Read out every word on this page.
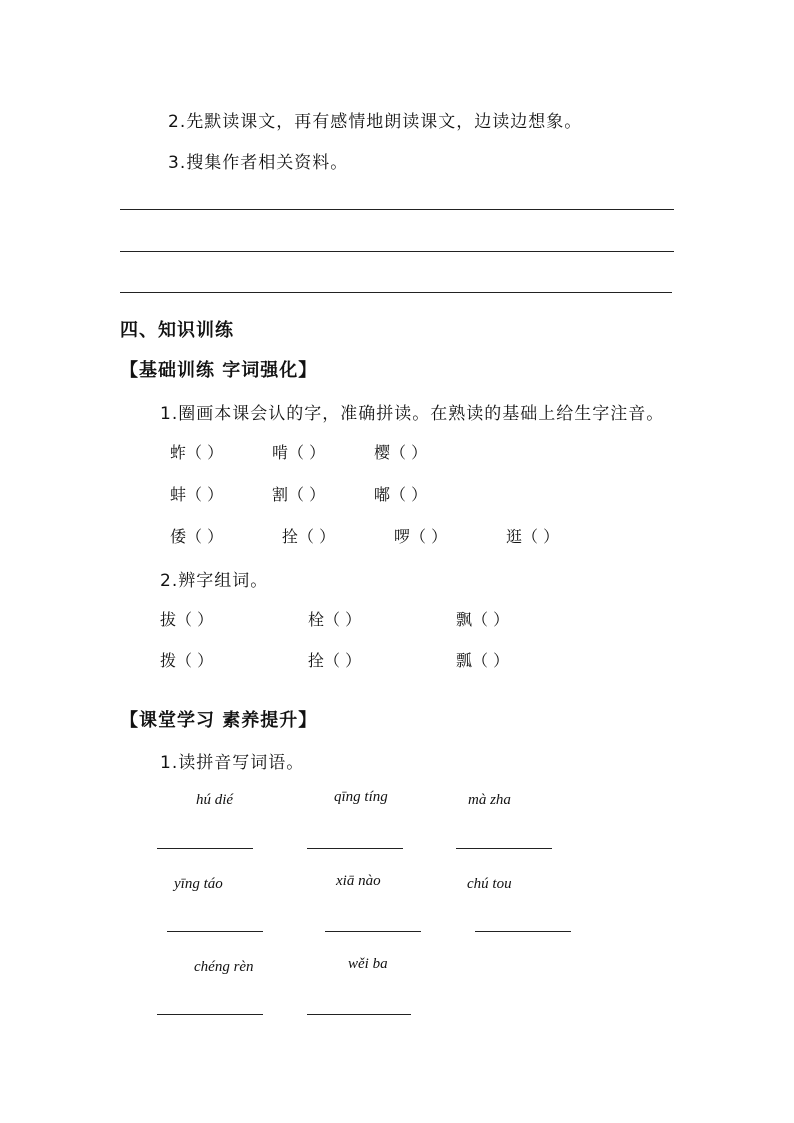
2.先默读课文，再有感情地朗读课文，边读边想象。
3.搜集作者相关资料。
四、知识训练
【基础训练 字词强化】
1.圈画本课会认的字，准确拼读。在熟读的基础上给生字注音。
蚱（ ）	啃（ ）	樱（ ）
蚌（ ）	割（ ）	嘟（ ）
倭（ ）	拴（ ）	啰（ ）	逛（ ）
2.辨字组词。
拔（ ）	栓（ ）	飘（ ）
拨（ ）	拴（ ）	瓢（ ）
【课堂学习 素养提升】
1.读拼音写词语。
hú dié	qīng tíng	mà zha
yīng táo	xiā nào	chú tou
chéng rèn	wěi ba
